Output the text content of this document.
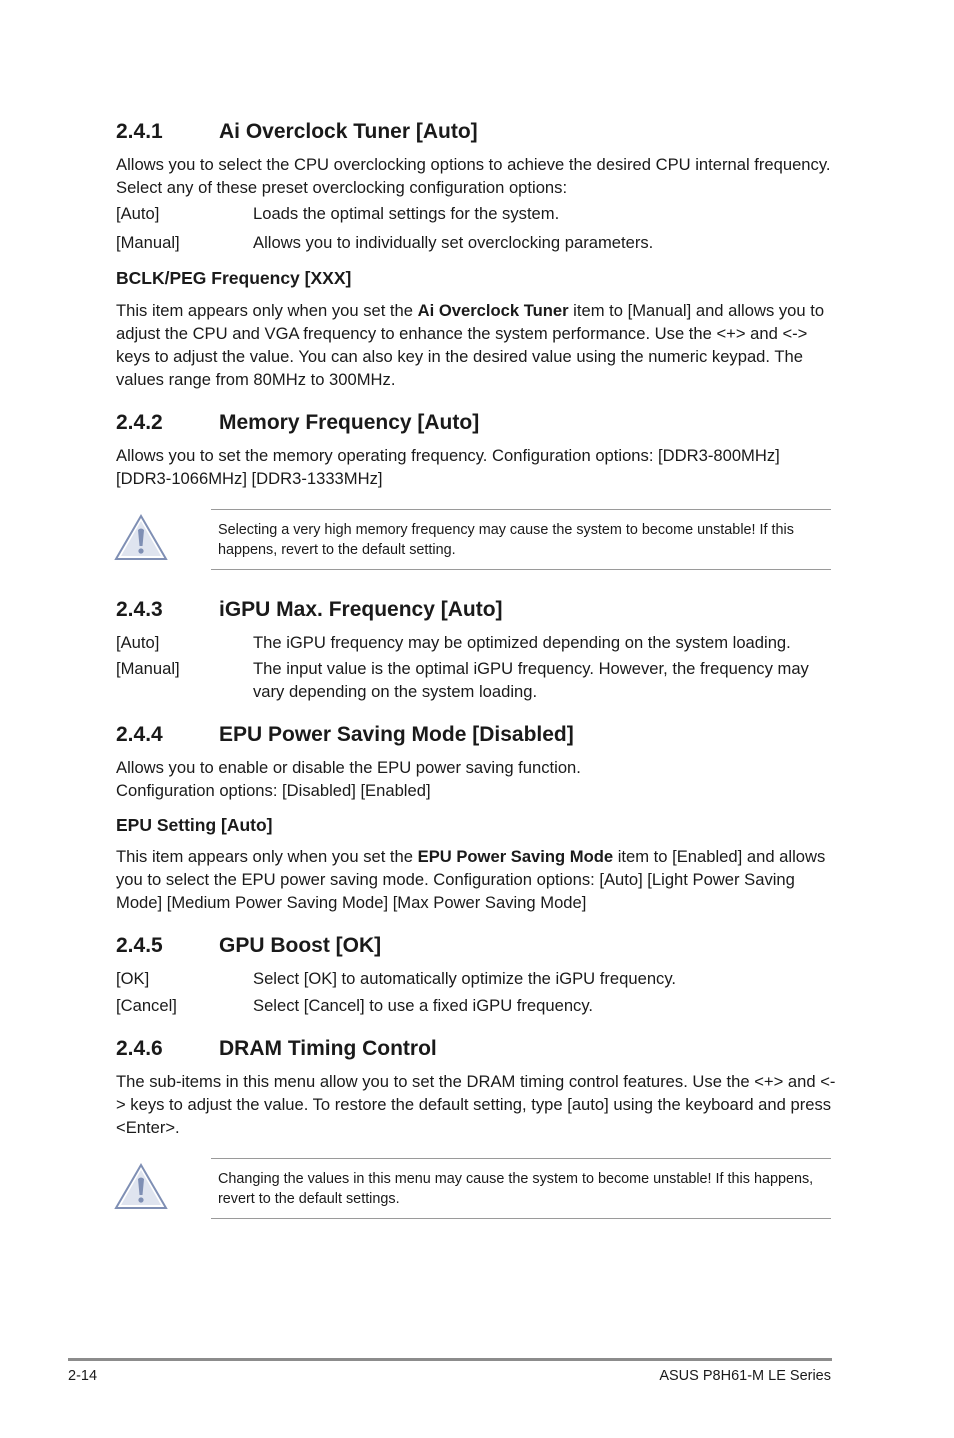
2.4.1	Ai Overclock Tuner [Auto]
Allows you to select the CPU overclocking options to achieve the desired CPU internal frequency. Select any of these preset overclocking configuration options:
[Auto]	Loads the optimal settings for the system.
[Manual]	Allows you to individually set overclocking parameters.
BCLK/PEG Frequency [XXX]
This item appears only when you set the Ai Overclock Tuner item to [Manual] and allows you to adjust the CPU and VGA frequency to enhance the system performance. Use the <+> and <-> keys to adjust the value. You can also key in the desired value using the numeric keypad. The values range from 80MHz to 300MHz.
2.4.2	Memory Frequency [Auto]
Allows you to set the memory operating frequency. Configuration options: [DDR3-800MHz] [DDR3-1066MHz] [DDR3-1333MHz]
Selecting a very high memory frequency may cause the system to become unstable! If this happens, revert to the default setting.
2.4.3	iGPU Max. Frequency [Auto]
[Auto]	The iGPU frequency may be optimized depending on the system loading.
[Manual]	The input value is the optimal iGPU frequency. However, the frequency may vary depending on the system loading.
2.4.4	EPU Power Saving Mode [Disabled]
Allows you to enable or disable the EPU power saving function.
Configuration options: [Disabled] [Enabled]
EPU Setting [Auto]
This item appears only when you set the EPU Power Saving Mode item to [Enabled] and allows you to select the EPU power saving mode. Configuration options: [Auto] [Light Power Saving Mode] [Medium Power Saving Mode] [Max Power Saving Mode]
2.4.5	GPU Boost [OK]
[OK]	Select [OK] to automatically optimize the iGPU frequency.
[Cancel]	Select [Cancel] to use a fixed iGPU frequency.
2.4.6	DRAM Timing Control
The sub-items in this menu allow you to set the DRAM timing control features. Use the <+> and <-> keys to adjust the value. To restore the default setting, type [auto] using the keyboard and press <Enter>.
Changing the values in this menu may cause the system to become unstable! If this happens, revert to the default settings.
2-14	ASUS P8H61-M LE Series
